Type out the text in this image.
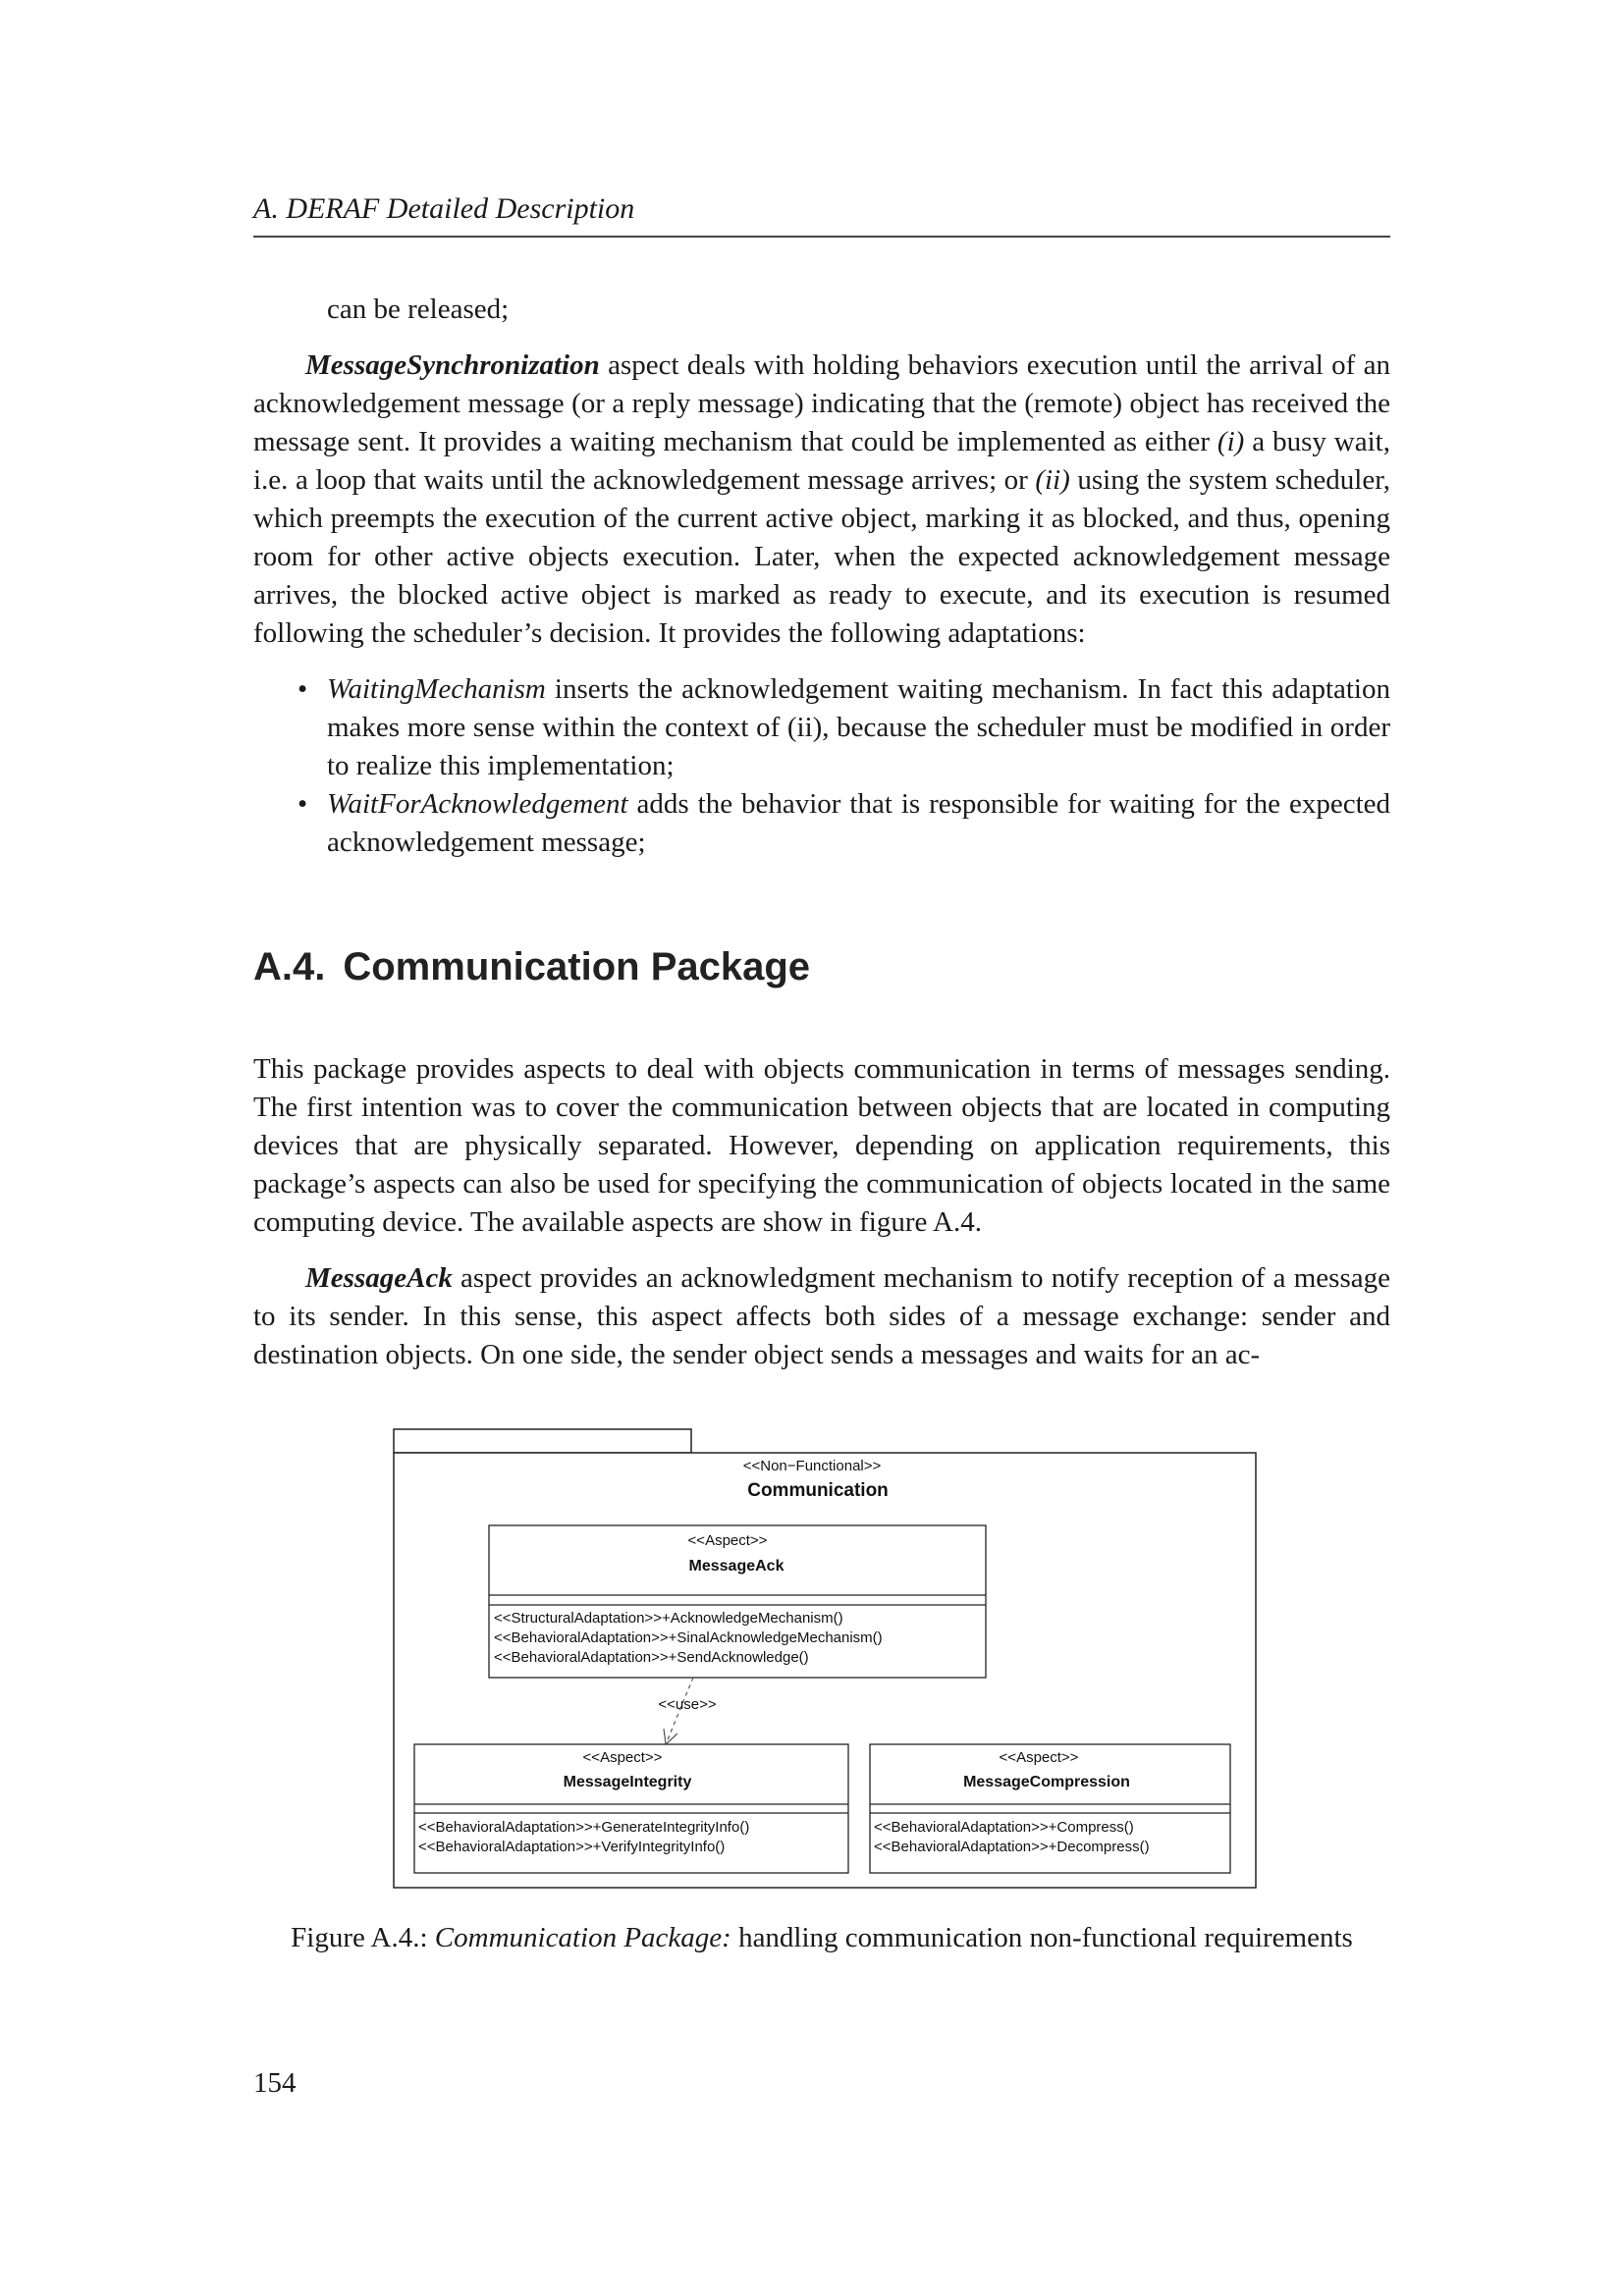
A. DERAF Detailed Description

can be released;

MessageSynchronization aspect deals with holding behaviors execution until the arrival of an acknowledgement message (or a reply message) indicating that the (remote) object has received the message sent. It provides a waiting mechanism that could be implemented as either (i) a busy wait, i.e. a loop that waits until the acknowledgement message arrives; or (ii) using the system scheduler, which preempts the execution of the current active object, marking it as blocked, and thus, opening room for other active objects execution. Later, when the expected acknowledgement message arrives, the blocked active object is marked as ready to execute, and its execution is resumed following the scheduler’s decision. It provides the following adaptations:

• WaitingMechanism inserts the acknowledgement waiting mechanism. In fact this adaptation makes more sense within the context of (ii), because the scheduler must be modified in order to realize this implementation;
• WaitForAcknowledgement adds the behavior that is responsible for waiting for the expected acknowledgement message;
A.4. Communication Package

This package provides aspects to deal with objects communication in terms of messages sending. The first intention was to cover the communication between objects that are located in computing devices that are physically separated. However, depending on application requirements, this package’s aspects can also be used for specifying the communication of objects located in the same computing device. The available aspects are show in figure A.4.

MessageAck aspect provides an acknowledgment mechanism to notify reception of a message to its sender. In this sense, this aspect affects both sides of a message exchange: sender and destination objects. On one side, the sender object sends a messages and waits for an ac-

<<Non−Functional>>
Communication
<<Aspect>>
MessageAck
<<StructuralAdaptation>>+AcknowledgeMechanism()
<<BehavioralAdaptation>>+SinalAcknowledgeMechanism()
<<BehavioralAdaptation>>+SendAcknowledge()
<<use>>
<<Aspect>>
MessageIntegrity
<<BehavioralAdaptation>>+GenerateIntegrityInfo()
<<BehavioralAdaptation>>+VerifyIntegrityInfo()
<<Aspect>>
MessageCompression
<<BehavioralAdaptation>>+Compress()
<<BehavioralAdaptation>>+Decompress()
Figure A.4.: Communication Package: handling communication non-functional requirements
154
